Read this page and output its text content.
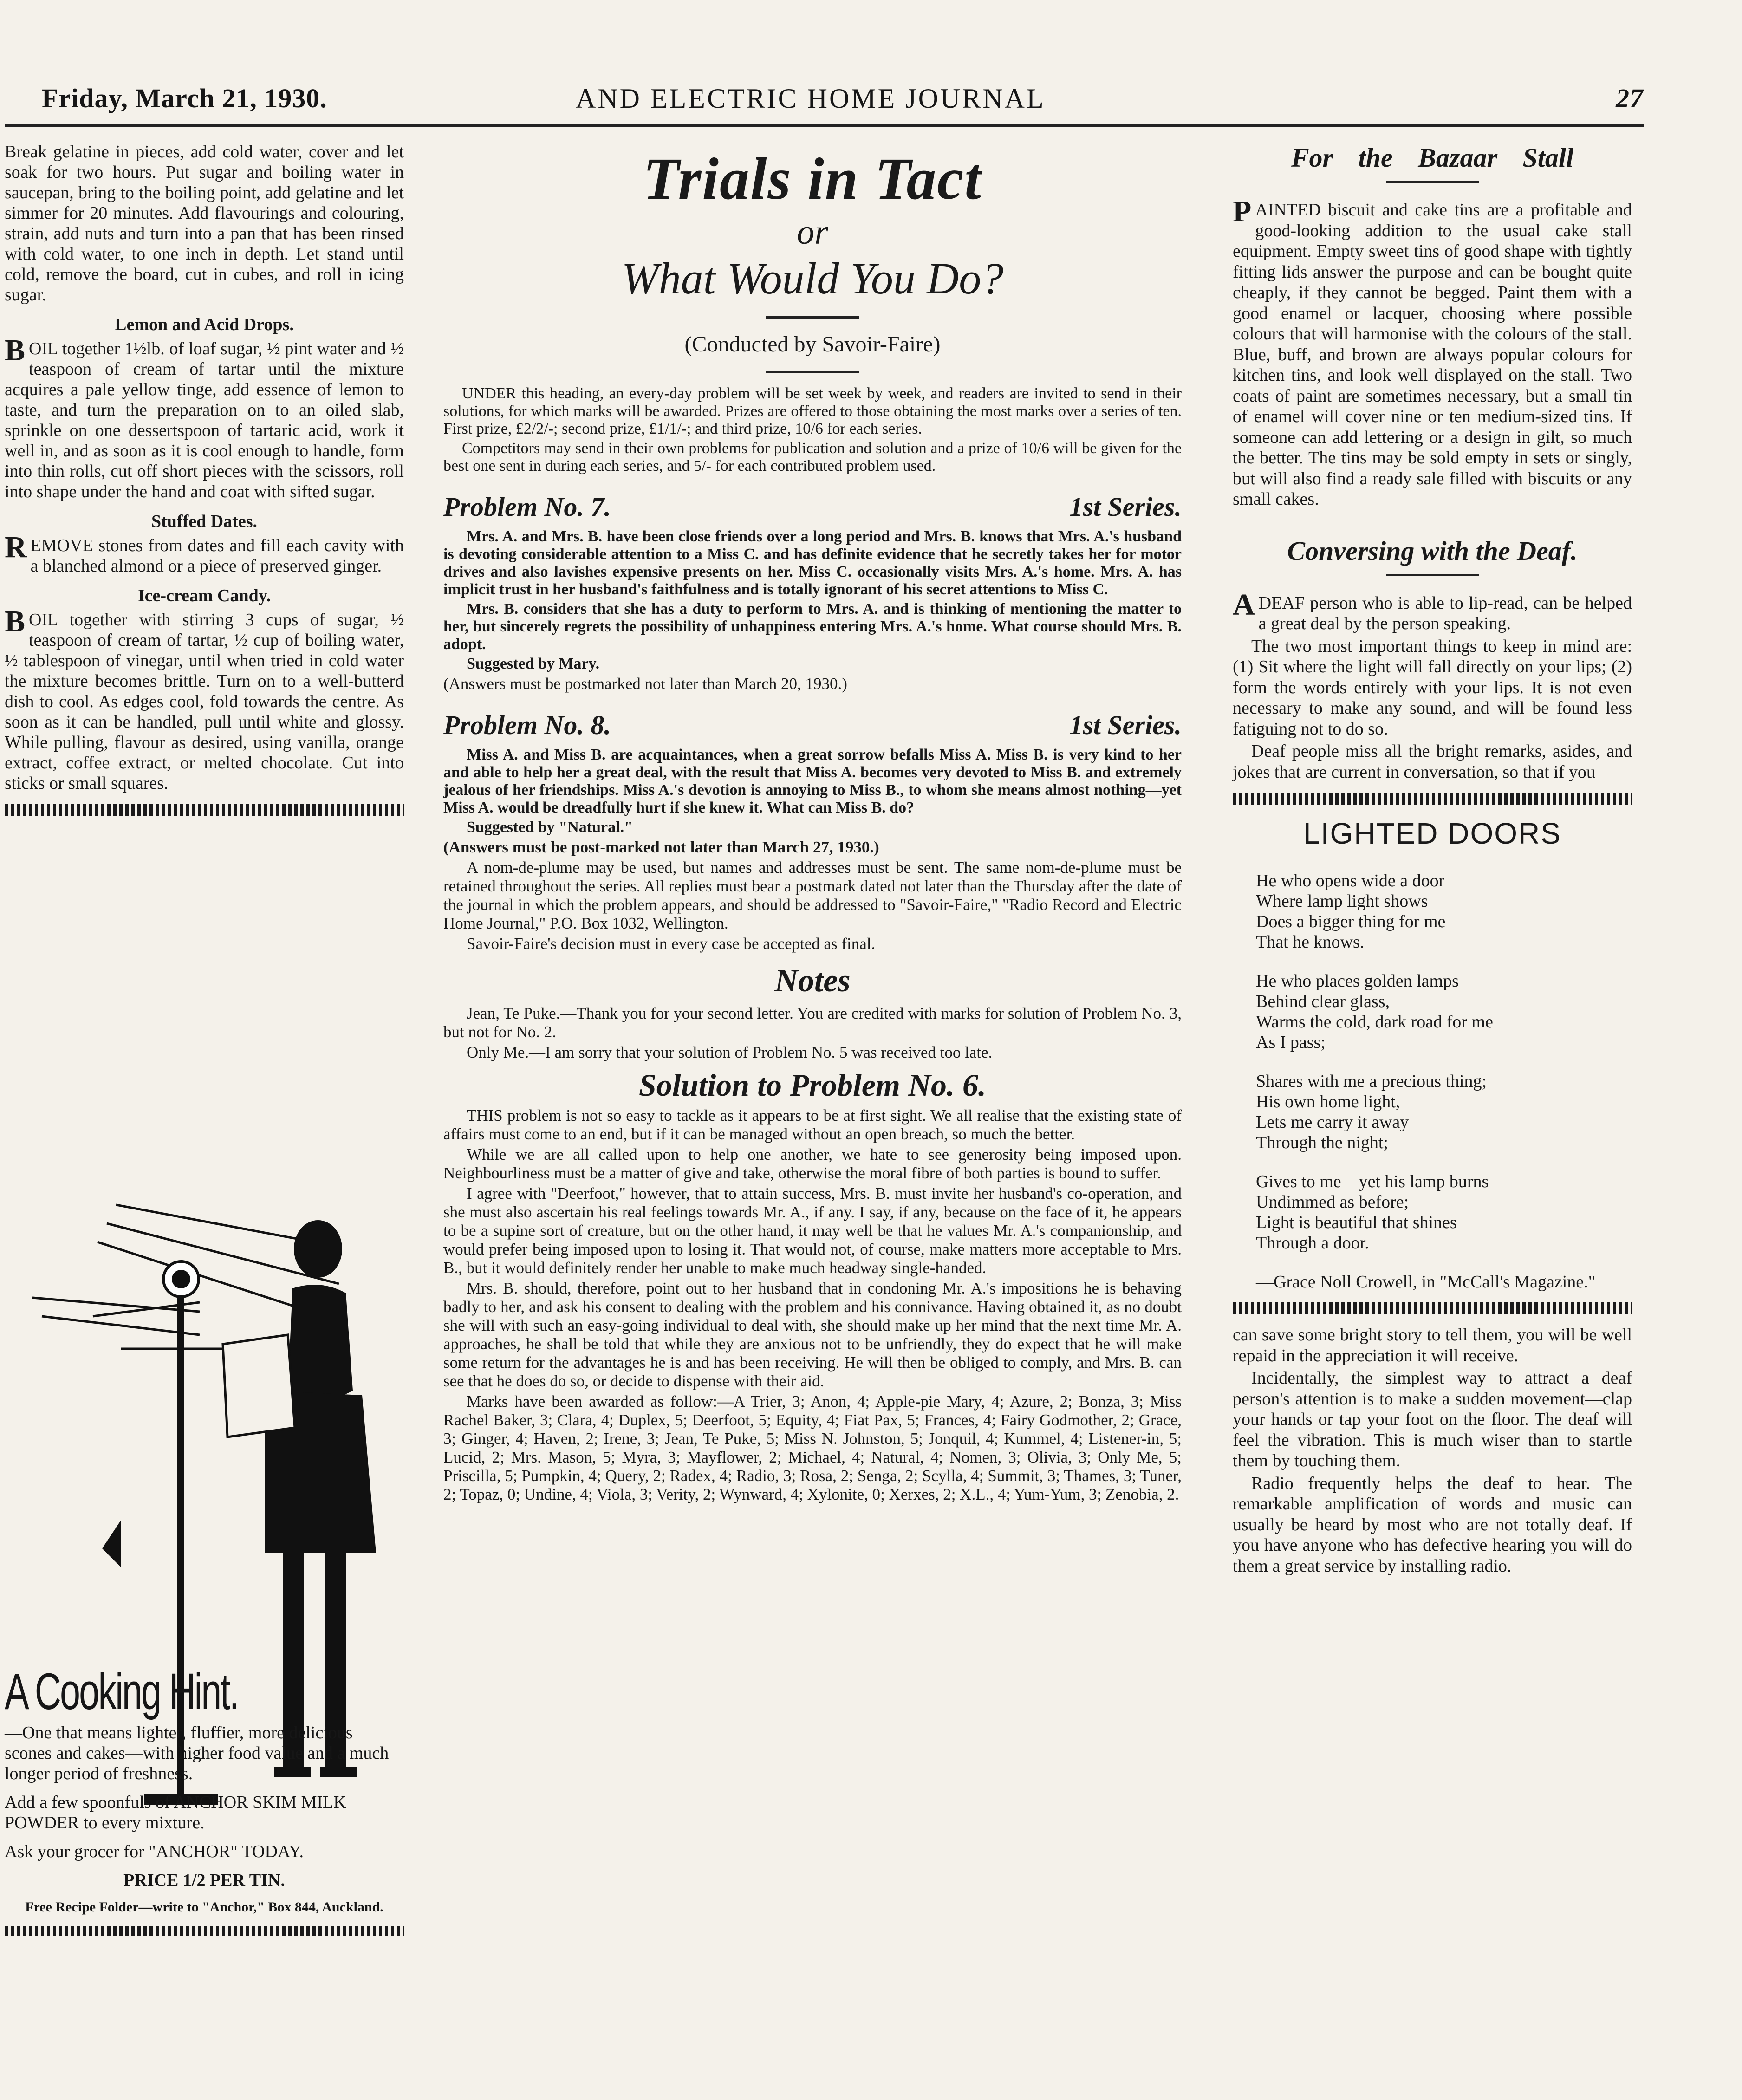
Friday, March 21, 1930.	AND ELECTRIC HOME JOURNAL	27

Break gelatine in pieces, add cold water, cover and let soak for two hours. Put sugar and boiling water in saucepan, bring to the boiling point, add gelatine and let simmer for 20 minutes. Add flavourings and colouring, strain, add nuts and turn into a pan that has been rinsed with cold water, to one inch in depth. Let stand until cold, remove the board, cut in cubes, and roll in icing sugar.

Lemon and Acid Drops.

BOIL together 1½lb. of loaf sugar, ½ pint water and ½ teaspoon of cream of tartar until the mixture acquires a pale yellow tinge, add essence of lemon to taste, and turn the preparation on to an oiled slab, sprinkle on one dessertspoon of tartaric acid, work it well in, and as soon as it is cool enough to handle, form into thin rolls, cut off short pieces with the scissors, roll into shape under the hand and coat with sifted sugar.

Stuffed Dates.

REMOVE stones from dates and fill each cavity with a blanched almond or a piece of preserved ginger.

Ice-cream Candy.

BOIL together with stirring 3 cups of sugar, ½ teaspoon of cream of tartar, ½ cup of boiling water, ½ tablespoon of vinegar, until when tried in cold water the mixture becomes brittle. Turn on to a well-butterd dish to cool. As edges cool, fold towards the centre. As soon as it can be handled, pull until white and glossy. While pulling, flavour as desired, using vanilla, orange extract, coffee extract, or melted chocolate. Cut into sticks or small squares.

A Cooking Hint.

—One that means lighter, fluffier, more delicious scones and cakes—with higher food value and a much longer period of freshness.

Add a few spoonfuls of ANCHOR SKIM MILK POWDER to every mixture.

Ask your grocer for "ANCHOR" TODAY.

PRICE 1/2 PER TIN.

Free Recipe Folder—write to "Anchor," Box 844, Auckland.

Trials in Tact
or
What Would You Do?
(Conducted by Savoir-Faire)

UNDER this heading, an every-day problem will be set week by week, and readers are invited to send in their solutions, for which marks will be awarded. Prizes are offered to those obtaining the most marks over a series of ten. First prize, £2/2/-; second prize, £1/1/-; and third prize, 10/6 for each series.

Competitors may send in their own problems for publication and solution and a prize of 10/6 will be given for the best one sent in during each series, and 5/- for each contributed problem used.

Problem No. 7.	1st Series.

Mrs. A. and Mrs. B. have been close friends over a long period and Mrs. B. knows that Mrs. A.'s husband is devoting considerable attention to a Miss C. and has definite evidence that he secretly takes her for motor drives and also lavishes expensive presents on her. Miss C. occasionally visits Mrs. A.'s home. Mrs. A. has implicit trust in her husband's faithfulness and is totally ignorant of his secret attentions to Miss C.

Mrs. B. considers that she has a duty to perform to Mrs. A. and is thinking of mentioning the matter to her, but sincerely regrets the possibility of unhappiness entering Mrs. A.'s home. What course should Mrs. B. adopt.

Suggested by Mary.

(Answers must be postmarked not later than March 20, 1930.)

Problem No. 8.	1st Series.

Miss A. and Miss B. are acquaintances, when a great sorrow befalls Miss A. Miss B. is very kind to her and able to help her a great deal, with the result that Miss A. becomes very devoted to Miss B. and extremely jealous of her friendships. Miss A.'s devotion is annoying to Miss B., to whom she means almost nothing—yet Miss A. would be dreadfully hurt if she knew it. What can Miss B. do?

Suggested by "Natural."

(Answers must be post-marked not later than March 27, 1930.)

A nom-de-plume may be used, but names and addresses must be sent. The same nom-de-plume must be retained throughout the series. All replies must bear a postmark dated not later than the Thursday after the date of the journal in which the problem appears, and should be addressed to "Savoir-Faire," "Radio Record and Electric Home Journal," P.O. Box 1032, Wellington.

Savoir-Faire's decision must in every case be accepted as final.

Notes

Jean, Te Puke.—Thank you for your second letter. You are credited with marks for solution of Problem No. 3, but not for No. 2.

Only Me.—I am sorry that your solution of Problem No. 5 was received too late.

Solution to Problem No. 6.

THIS problem is not so easy to tackle as it appears to be at first sight. We all realise that the existing state of affairs must come to an end, but if it can be managed without an open breach, so much the better.

While we are all called upon to help one another, we hate to see generosity being imposed upon. Neighbourliness must be a matter of give and take, otherwise the moral fibre of both parties is bound to suffer.

I agree with "Deerfoot," however, that to attain success, Mrs. B. must invite her husband's co-operation, and she must also ascertain his real feelings towards Mr. A., if any. I say, if any, because on the face of it, he appears to be a supine sort of creature, but on the other hand, it may well be that he values Mr. A.'s companionship, and would prefer being imposed upon to losing it. That would not, of course, make matters more acceptable to Mrs. B., but it would definitely render her unable to make much headway single-handed.

Mrs. B. should, therefore, point out to her husband that in condoning Mr. A.'s impositions he is behaving badly to her, and ask his consent to dealing with the problem and his connivance. Having obtained it, as no doubt she will with such an easy-going individual to deal with, she should make up her mind that the next time Mr. A. approaches, he shall be told that while they are anxious not to be unfriendly, they do expect that he will make some return for the advantages he is and has been receiving. He will then be obliged to comply, and Mrs. B. can see that he does do so, or decide to dispense with their aid.

Marks have been awarded as follow:—A Trier, 3; Anon, 4; Apple-pie Mary, 4; Azure, 2; Bonza, 3; Miss Rachel Baker, 3; Clara, 4; Duplex, 5; Deerfoot, 5; Equity, 4; Fiat Pax, 5; Frances, 4; Fairy Godmother, 2; Grace, 3; Ginger, 4; Haven, 2; Irene, 3; Jean, Te Puke, 5; Miss N. Johnston, 5; Jonquil, 4; Kummel, 4; Listener-in, 5; Lucid, 2; Mrs. Mason, 5; Myra, 3; Mayflower, 2; Michael, 4; Natural, 4; Nomen, 3; Olivia, 3; Only Me, 5; Priscilla, 5; Pumpkin, 4; Query, 2; Radex, 4; Radio, 3; Rosa, 2; Senga, 2; Scylla, 4; Summit, 3; Thames, 3; Tuner, 2; Topaz, 0; Undine, 4; Viola, 3; Verity, 2; Wynward, 4; Xylonite, 0; Xerxes, 2; X.L., 4; Yum-Yum, 3; Zenobia, 2.

For the Bazaar Stall

PAINTED biscuit and cake tins are a profitable and good-looking addition to the usual cake stall equipment. Empty sweet tins of good shape with tightly fitting lids answer the purpose and can be bought quite cheaply, if they cannot be begged. Paint them with a good enamel or lacquer, choosing where possible colours that will harmonise with the colours of the stall. Blue, buff, and brown are always popular colours for kitchen tins, and look well displayed on the stall. Two coats of paint are sometimes necessary, but a small tin of enamel will cover nine or ten medium-sized tins. If someone can add lettering or a design in gilt, so much the better. The tins may be sold empty in sets or singly, but will also find a ready sale filled with biscuits or any small cakes.

Conversing with the Deaf.

ADEAF person who is able to lip-read, can be helped a great deal by the person speaking.

The two most important things to keep in mind are: (1) Sit where the light will fall directly on your lips; (2) form the words entirely with your lips. It is not even necessary to make any sound, and will be found less fatiguing not to do so.

Deaf people miss all the bright remarks, asides, and jokes that are current in conversation, so that if you

LIGHTED DOORS
He who opens wide a door
Where lamp light shows
Does a bigger thing for me
That he knows.
He who places golden lamps
Behind clear glass,
Warms the cold, dark road for me
As I pass;
Shares with me a precious thing;
His own home light,
Lets me carry it away
Through the night;
Gives to me—yet his lamp burns
Undimmed as before;
Light is beautiful that shines
Through a door.
—Grace Noll Crowell, in "McCall's Magazine."

can save some bright story to tell them, you will be well repaid in the appreciation it will receive.

Incidentally, the simplest way to attract a deaf person's attention is to make a sudden movement—clap your hands or tap your foot on the floor. The deaf will feel the vibration. This is much wiser than to startle them by touching them.

Radio frequently helps the deaf to hear. The remarkable amplification of words and music can usually be heard by most who are not totally deaf. If you have anyone who has defective hearing you will do them a great service by installing radio.
